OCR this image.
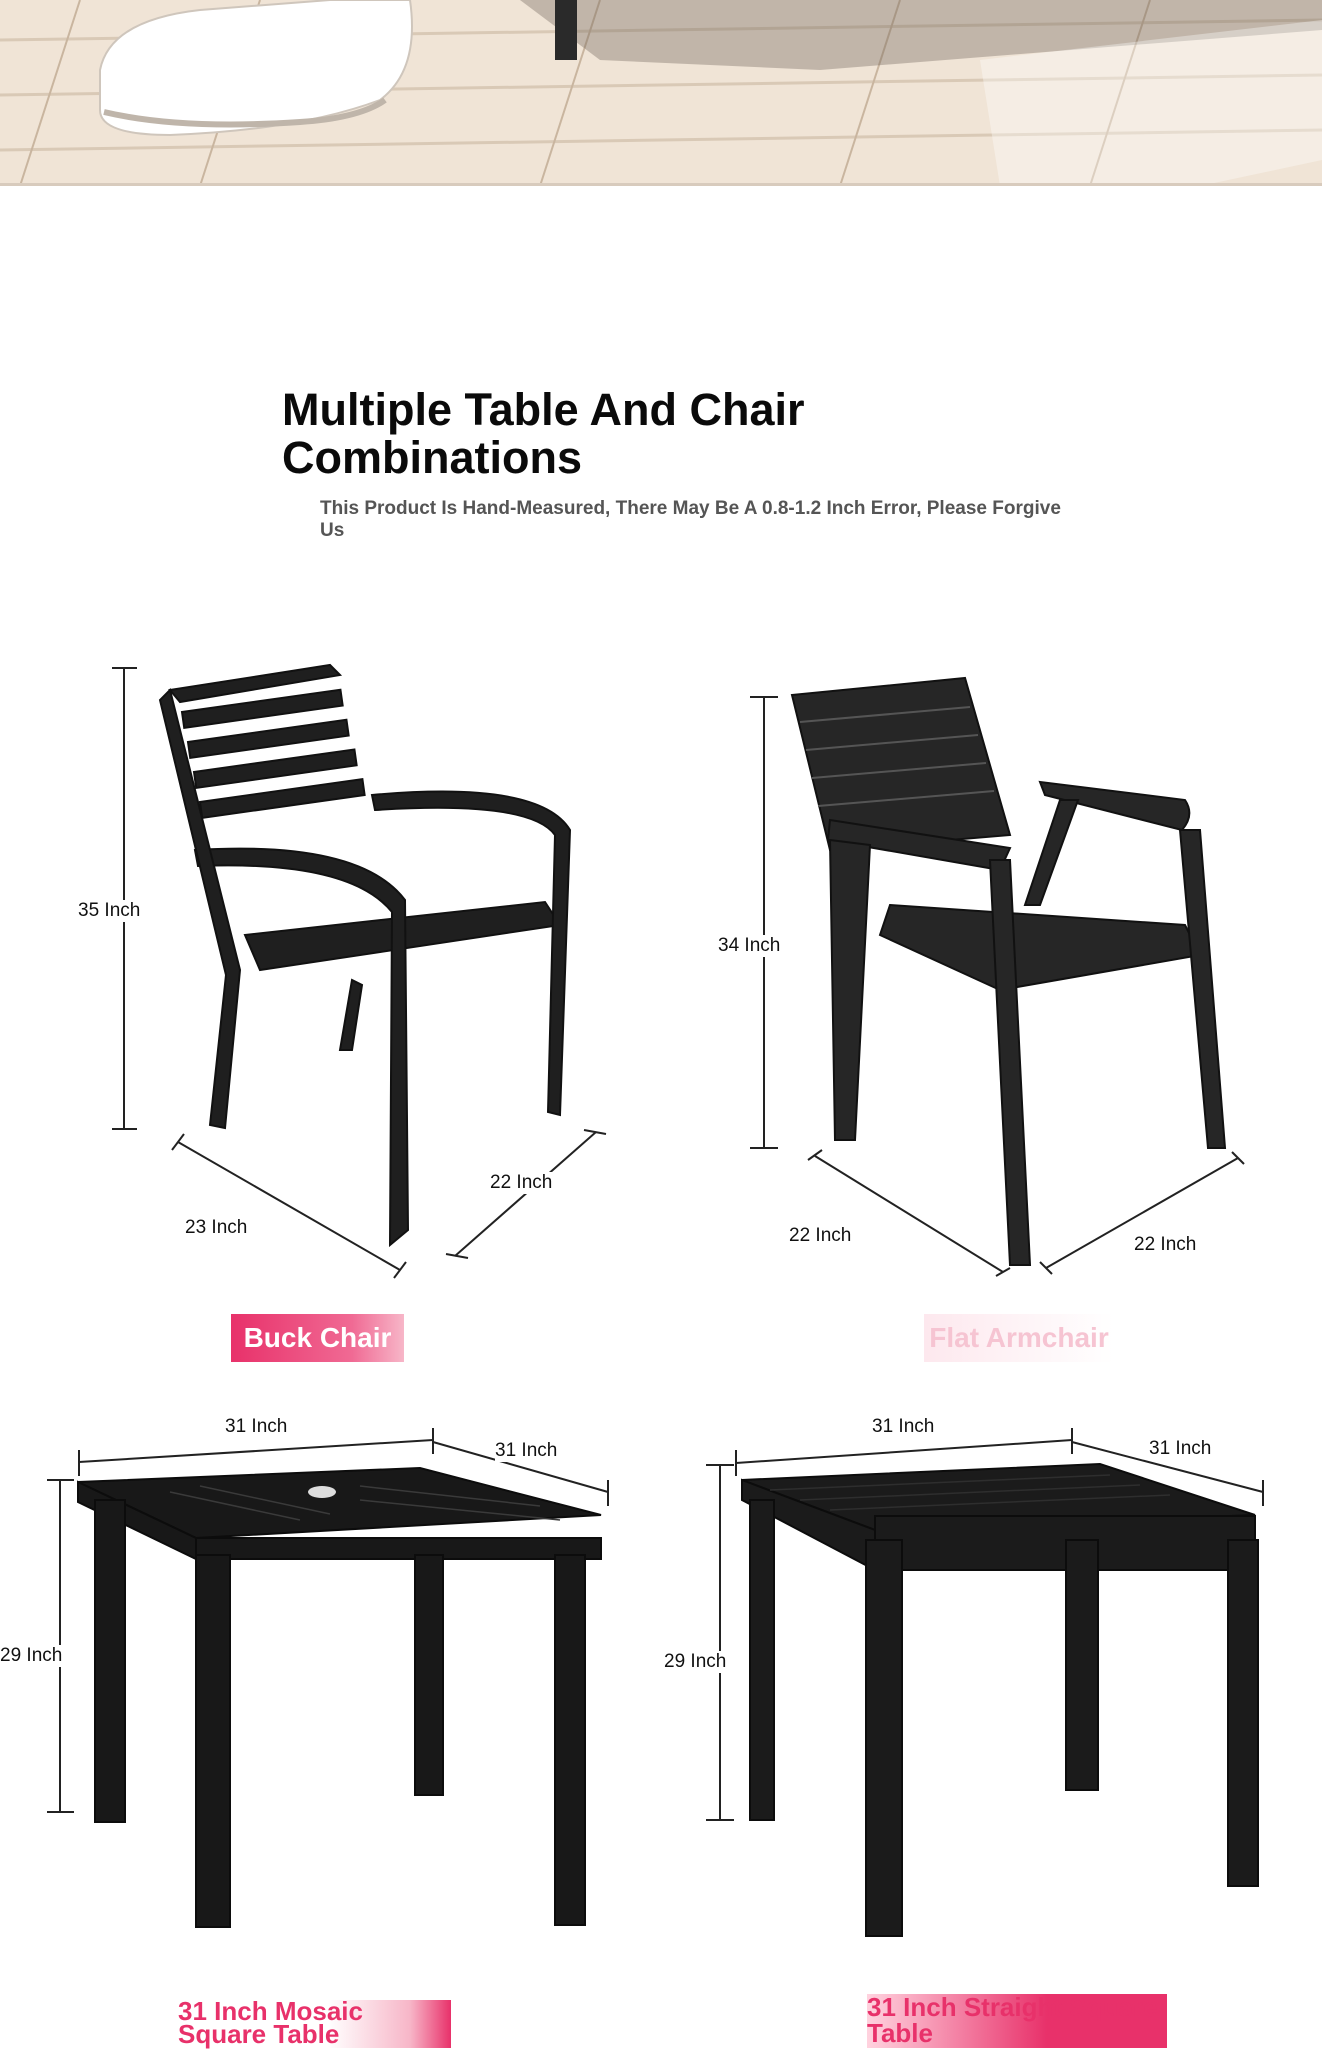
Multiple Table And Chair
Combinations
This Product Is Hand-Measured, There May Be A 0.8-1.2 Inch Error, Please Forgive Us
35 Inch
23 Inch
22 Inch
Buck Chair
34 Inch
22 Inch	22 Inch
Flat Armchair
31 Inch
31 Inch
29 Inch
31 Inch Mosaic
Square Table
31 Inch
31 Inch
29 Inch
31 Inch Straight Square
Table
